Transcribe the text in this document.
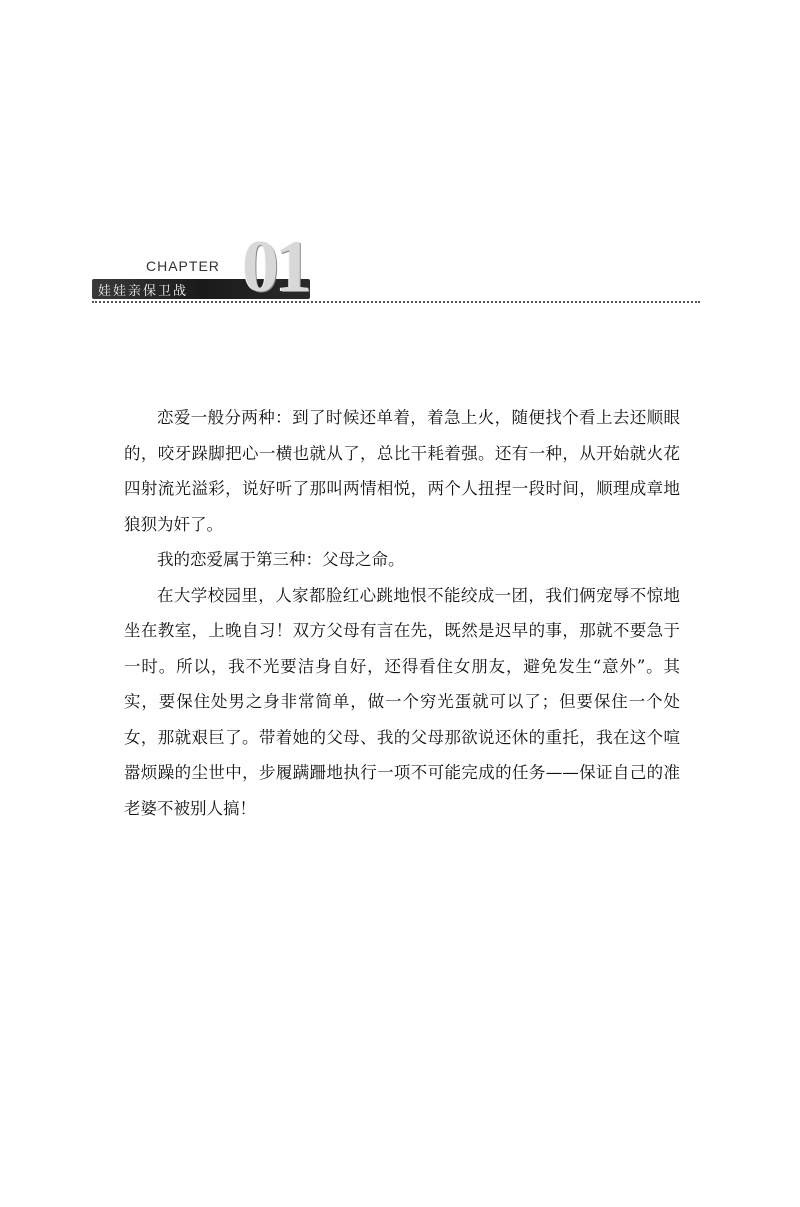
CHAPTER
娃娃亲保卫战 01

恋爱一般分两种：到了时候还单着，着急上火，随便找个看上去还顺眼的，咬牙跺脚把心一横也就从了，总比干耗着强。还有一种，从开始就火花四射流光溢彩，说好听了那叫两情相悦，两个人扭捏一段时间，顺理成章地狼狈为奸了。

我的恋爱属于第三种：父母之命。

在大学校园里，人家都脸红心跳地恨不能绞成一团，我们俩宠辱不惊地坐在教室，上晚自习！双方父母有言在先，既然是迟早的事，那就不要急于一时。所以，我不光要洁身自好，还得看住女朋友，避免发生“意外”。其实，要保住处男之身非常简单，做一个穷光蛋就可以了；但要保住一个处女，那就艰巨了。带着她的父母、我的父母那欲说还休的重托，我在这个喧嚣烦躁的尘世中，步履蹒跚地执行一项不可能完成的任务——保证自己的准老婆不被别人搞！
